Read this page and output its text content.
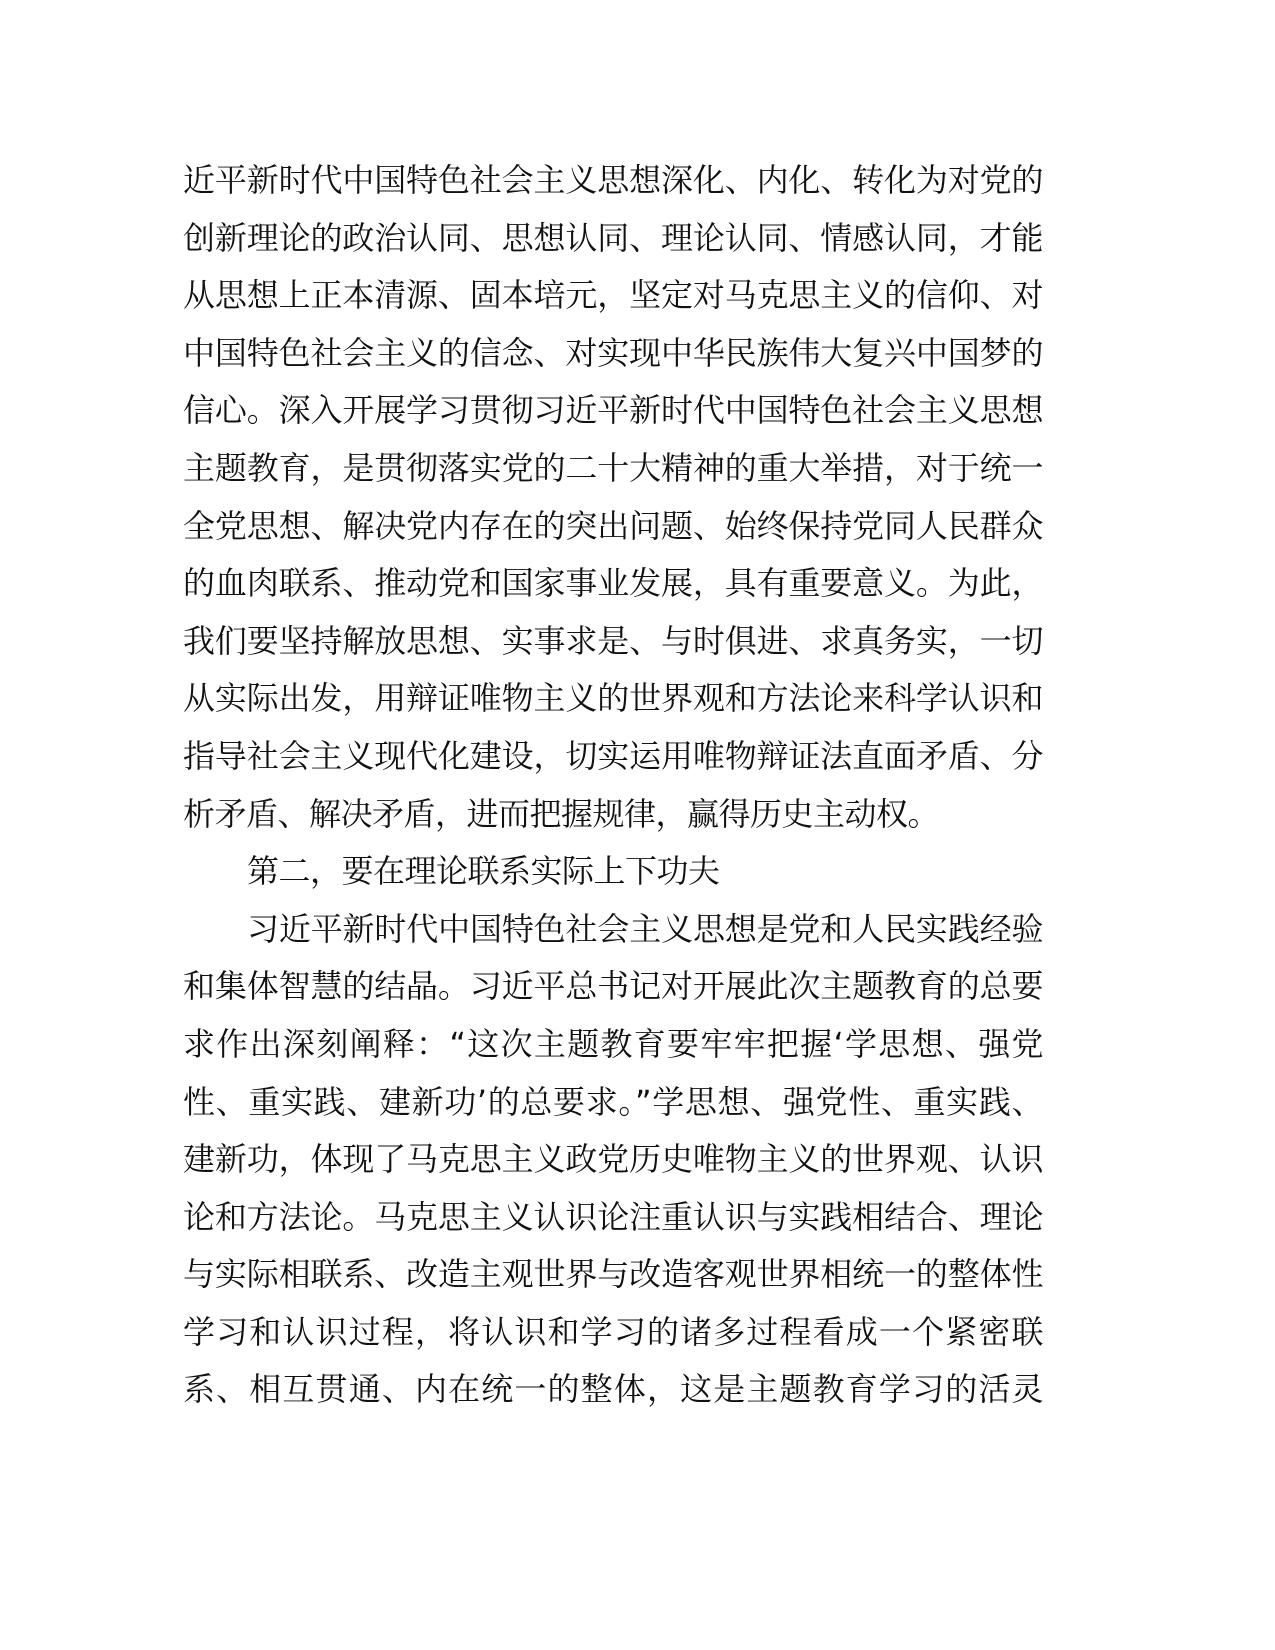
近平新时代中国特色社会主义思想深化、内化、转化为对党的
创新理论的政治认同、思想认同、理论认同、情感认同，才能
从思想上正本清源、固本培元，坚定对马克思主义的信仰、对
中国特色社会主义的信念、对实现中华民族伟大复兴中国梦的
信心。深入开展学习贯彻习近平新时代中国特色社会主义思想
主题教育，是贯彻落实党的二十大精神的重大举措，对于统一
全党思想、解决党内存在的突出问题、始终保持党同人民群众
的血肉联系、推动党和国家事业发展，具有重要意义。为此，
我们要坚持解放思想、实事求是、与时俱进、求真务实，一切
从实际出发，用辩证唯物主义的世界观和方法论来科学认识和
指导社会主义现代化建设，切实运用唯物辩证法直面矛盾、分
析矛盾、解决矛盾，进而把握规律，赢得历史主动权。
第二，要在理论联系实际上下功夫
习近平新时代中国特色社会主义思想是党和人民实践经验
和集体智慧的结晶。习近平总书记对开展此次主题教育的总要
求作出深刻阐释：“这次主题教育要牢牢把握‘学思想、强党
性、重实践、建新功’的总要求。”学思想、强党性、重实践、
建新功，体现了马克思主义政党历史唯物主义的世界观、认识
论和方法论。马克思主义认识论注重认识与实践相结合、理论
与实际相联系、改造主观世界与改造客观世界相统一的整体性
学习和认识过程，将认识和学习的诸多过程看成一个紧密联
系、相互贯通、内在统一的整体，这是主题教育学习的活灵
